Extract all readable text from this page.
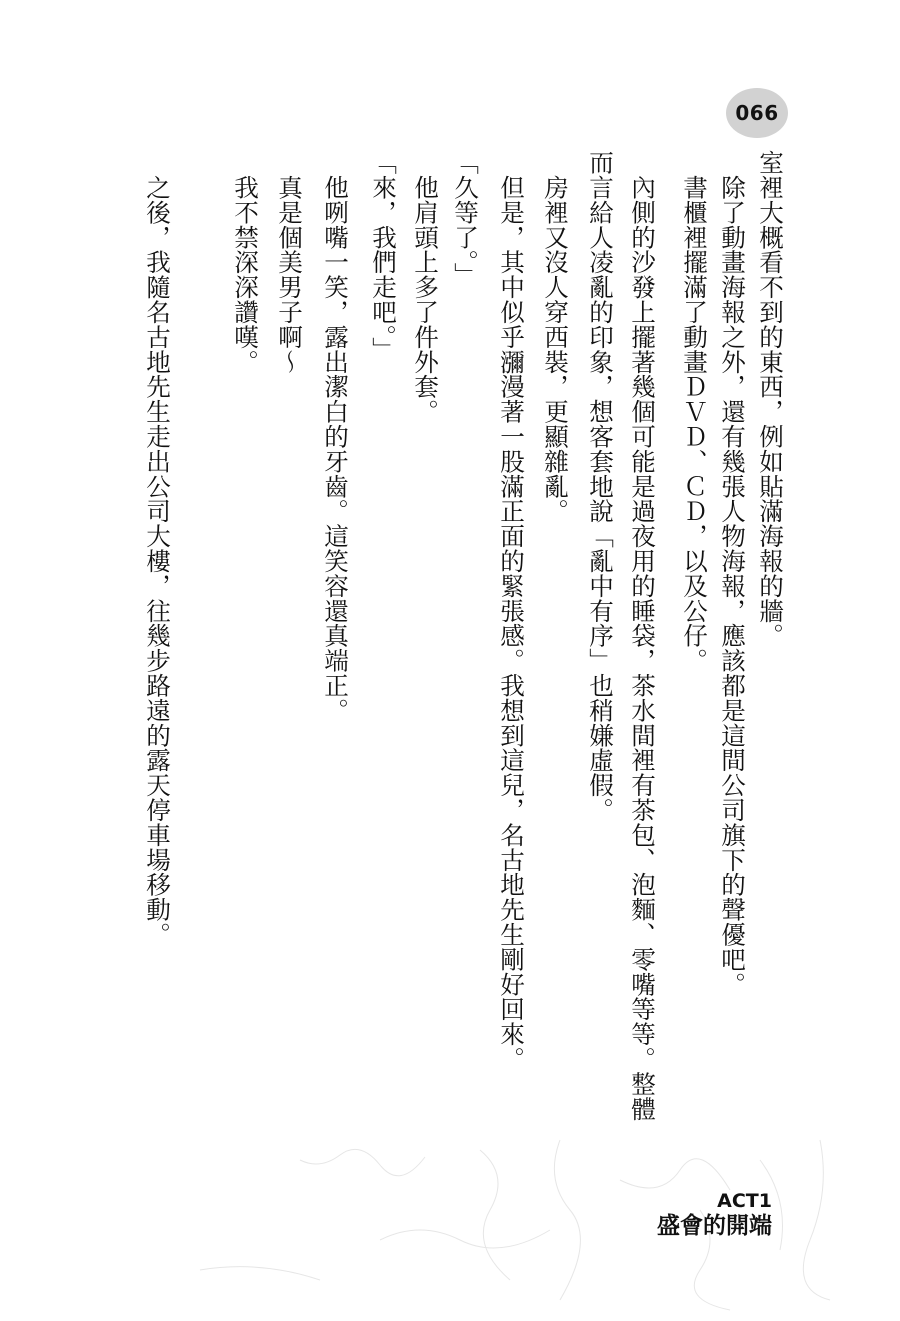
066
室裡大概看不到的東西，例如貼滿海報的牆。
　除了動畫海報之外，還有幾張人物海報，應該都是這間公司旗下的聲優吧。
　書櫃裡擺滿了動畫ＤＶＤ、ＣＤ，以及公仔。
　內側的沙發上擺著幾個可能是過夜用的睡袋，茶水間裡有茶包、泡麵、零嘴等等。整體
而言給人凌亂的印象，想客套地說「亂中有序」也稍嫌虛假。
　房裡又沒人穿西裝，更顯雜亂。
　但是，其中似乎瀰漫著一股滿正面的緊張感。我想到這兒，名古地先生剛好回來。
「久等了。」
　他肩頭上多了件外套。
「來，我們走吧。」
　他咧嘴一笑，露出潔白的牙齒。這笑容還真端正。
　真是個美男子啊～
　我不禁深深讚嘆。
　之後，我隨名古地先生走出公司大樓，往幾步路遠的露天停車場移動。
ACT1
盛會的開端
